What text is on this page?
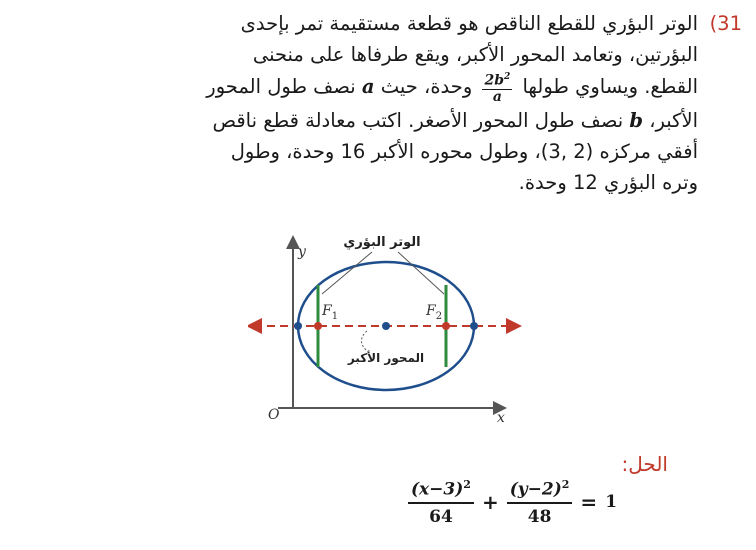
(31
الوتر البؤري للقطع الناقص هو قطعة مستقيمة تمر بإحدى
البؤرتين، وتعامد المحور الأكبر، ويقع طرفاها على منحنى
القطع. ويساوي طولها
$\frac{2b^2}{a}$
وحدة، حيث a نصف طول المحور
الأكبر، b نصف طول المحور الأصغر. اكتب معادلة قطع ناقص
أفقي مركزه (2 ,3)، وطول محوره الأكبر 16 وحدة، وطول
وتره البؤري 12 وحدة.
y
x
O
$F_1$	$F_2$
الوتر البؤري
المحور الأكبر
الحل:
$\frac{(x-3)^2}{64} + \frac{(y-2)^2}{48} = 1$
